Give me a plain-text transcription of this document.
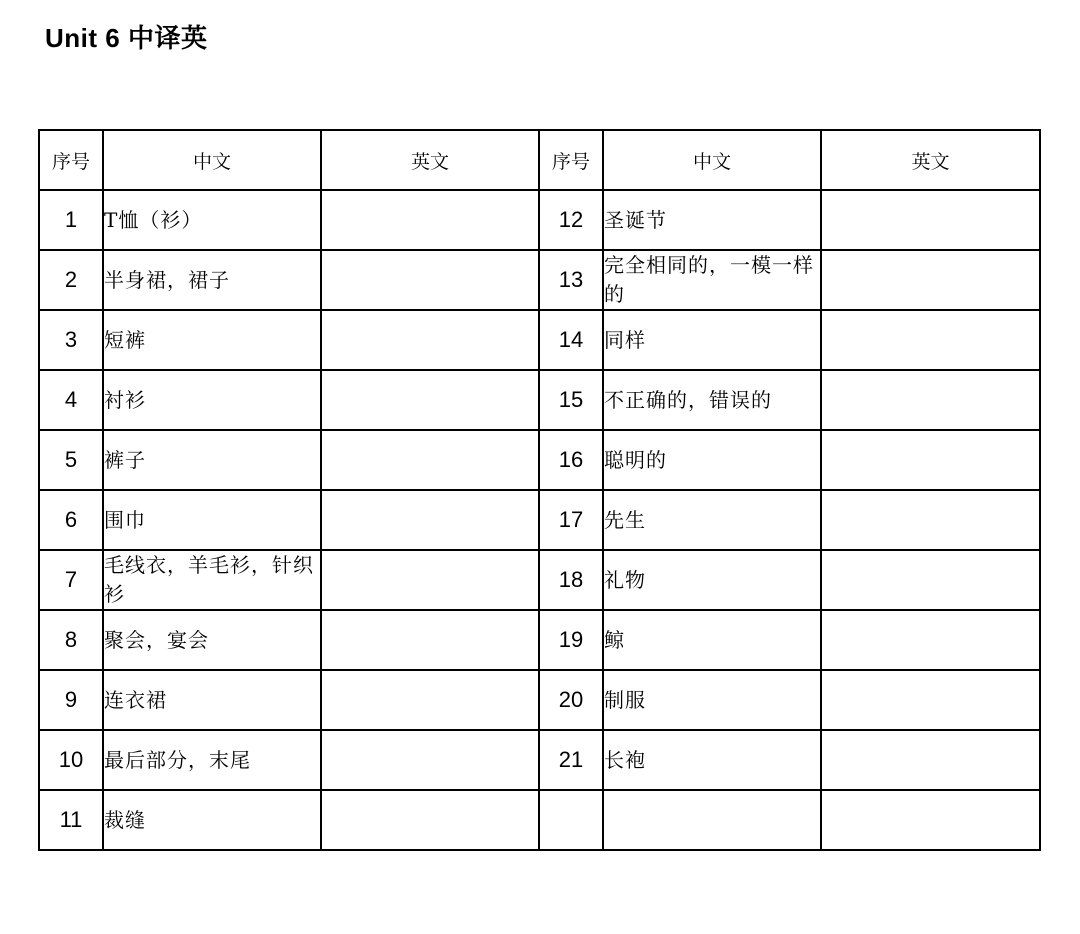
Unit 6 中译英
序号	中文	英文	序号	中文	英文
1	T恤（衫）		12	圣诞节	
2	半身裙，裙子		13	完全相同的，一模一样的	
3	短裤		14	同样	
4	衬衫		15	不正确的，错误的	
5	裤子		16	聪明的	
6	围巾		17	先生	
7	毛线衣，羊毛衫，针织衫		18	礼物	
8	聚会，宴会		19	鲸	
9	连衣裙		20	制服	
10	最后部分，末尾		21	长袍	
11	裁缝				
